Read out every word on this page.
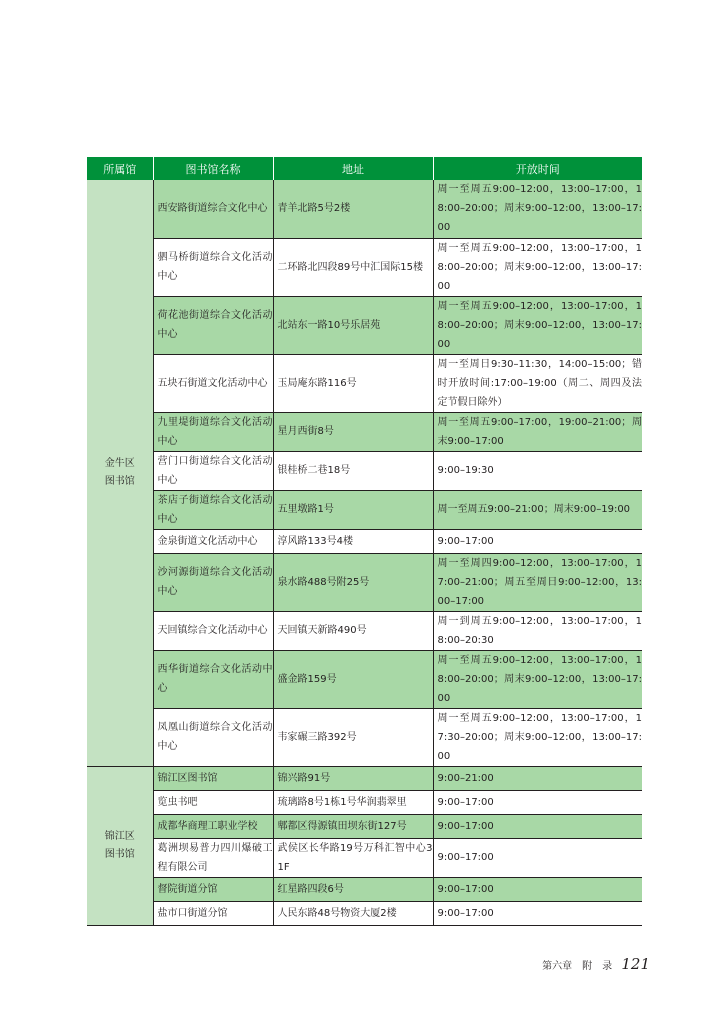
所属馆	图书馆名称	地址	开放时间
金牛区
图书馆	西安路街道综合文化中心	青羊北路5号2楼	周一至周五9:00–12:00，13:00–17:00，18:00–20:00；周末9:00–12:00，13:00–17:00
	驷马桥街道综合文化活动中心	二环路北四段89号中汇国际15楼	周一至周五9:00–12:00，13:00–17:00，18:00–20:00；周末9:00–12:00，13:00–17:00
	荷花池街道综合文化活动中心	北站东一路10号乐居苑	周一至周五9:00–12:00，13:00–17:00，18:00–20:00；周末9:00–12:00，13:00–17:00
	五块石街道文化活动中心	玉局庵东路116号	周一至周日9:30–11:30，14:00–15:00；错时开放时间:17:00–19:00（周二、周四及法定节假日除外）
	九里堤街道综合文化活动中心	星月西街8号	周一至周五9:00–17:00，19:00–21:00；周末9:00–17:00
	营门口街道综合文化活动中心	银桂桥二巷18号	9:00–19:30
	茶店子街道综合文化活动中心	五里墩路1号	周一至周五9:00–21:00；周末9:00–19:00
	金泉街道文化活动中心	淳风路133号4楼	9:00–17:00
	沙河源街道综合文化活动中心	泉水路488号附25号	周一至周四9:00–12:00，13:00–17:00，17:00–21:00；周五至周日9:00–12:00，13:00–17:00
	天回镇综合文化活动中心	天回镇天新路490号	周一到周五9:00–12:00，13:00–17:00，18:00–20:30
	西华街道综合文化活动中心	盛金路159号	周一至周五9:00–12:00，13:00–17:00，18:00–20:00；周末9:00–12:00，13:00–17:00
	凤凰山街道综合文化活动中心	韦家碾三路392号	周一至周五9:00–12:00，13:00–17:00，17:30–20:00；周末9:00–12:00，13:00–17:00
锦江区
图书馆	锦江区图书馆	锦兴路91号	9:00–21:00
	览虫书吧	琉璃路8号1栋1号华润翡翠里	9:00–17:00
	成都华商理工职业学校	郫都区得源镇田坝东街127号	9:00–17:00
	葛洲坝易普力四川爆破工程有限公司	武侯区长华路19号万科汇智中心31F	9:00–17:00
	督院街道分馆	红星路四段6号	9:00–17:00
	盐市口街道分馆	人民东路48号物资大厦2楼	9:00–17:00
第六章　附　录 121
